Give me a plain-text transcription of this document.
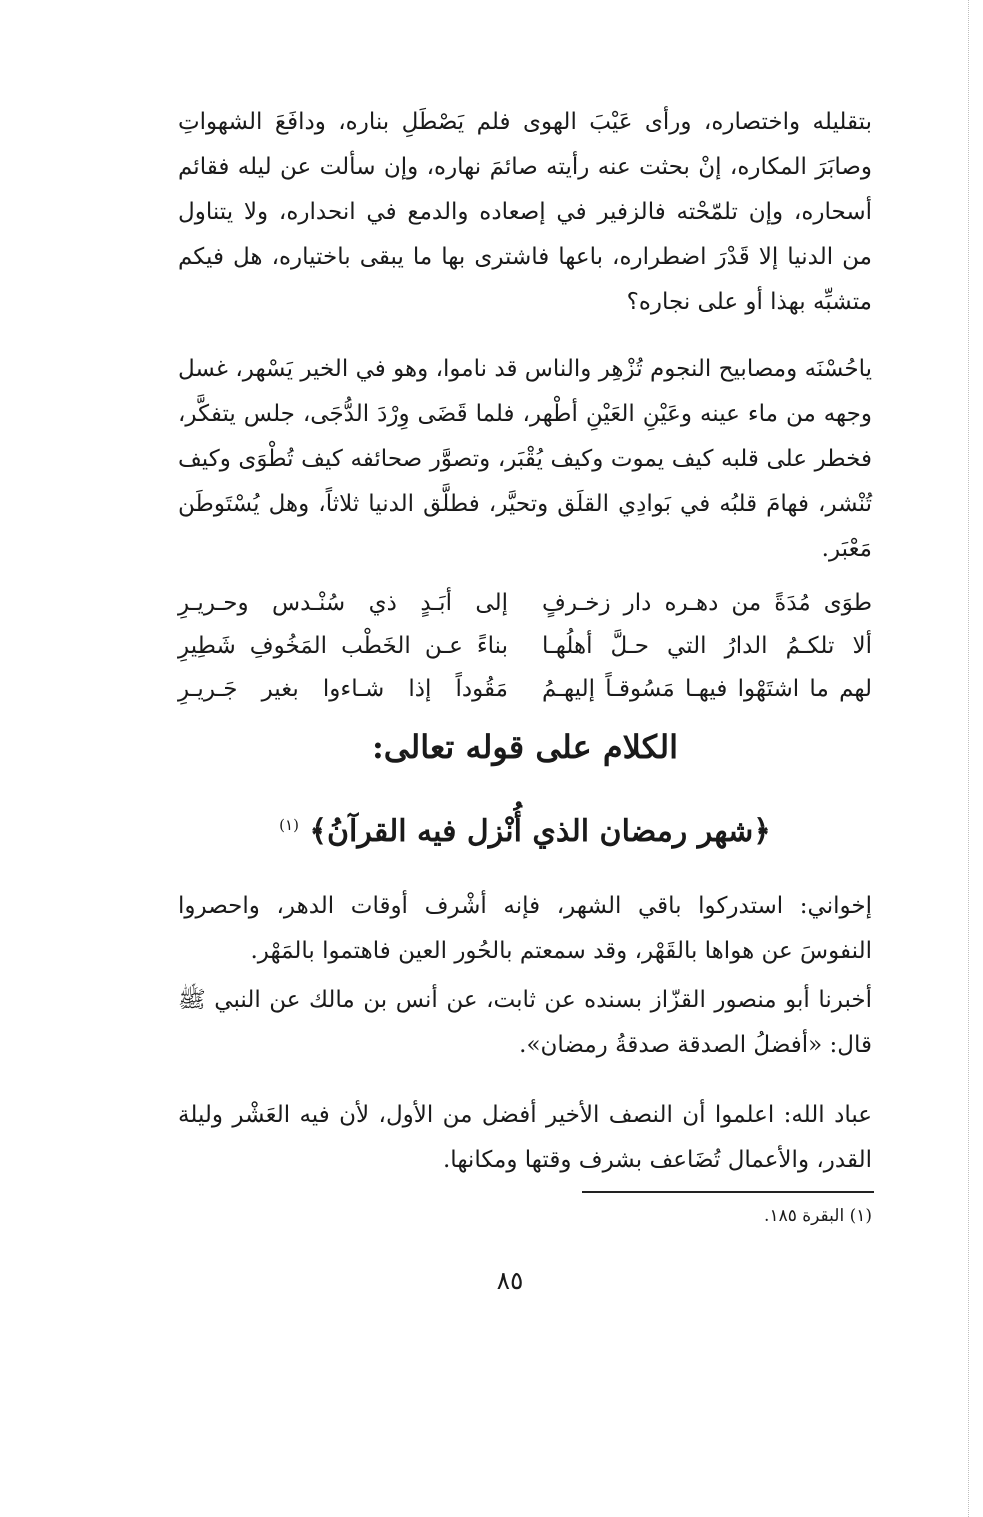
بتقليله واختصاره، ورأى عَيْبَ الهوى فلم يَصْطَلِ بناره، ودافَعَ الشهواتِ وصابَرَ المكاره، إنْ بحثت عنه رأيته صائمَ نهاره، وإن سألت عن ليله فقائم أسحاره، وإن تلمّحْته فالزفير في إصعاده والدمع في انحداره، ولا يتناول من الدنيا إلا قَدْرَ اضطراره، باعها فاشترى بها ما يبقى باختياره، هل فيكم متشبِّه بهذا أو على نجاره؟
ياحُسْنَه ومصابيح النجوم تُزْهِر والناس قد ناموا، وهو في الخير يَسْهر، غسل وجهه من ماء عينه وعَيْنِ العَيْنِ أطْهر، فلما قَضَى وِرْدَ الدُّجَى، جلس يتفكَّر، فخطر على قلبه كيف يموت وكيف يُقْبَر، وتصوَّر صحائفه كيف تُطْوَى وكيف تُنْشر، فهامَ قلبُه في بَوادِي القلَق وتحيَّر، فطلَّق الدنيا ثلاثاً، وهل يُسْتَوطَن مَعْبَر.
طوَى مُدَةً من دهـره دار زخـرفٍ
إلى أبَـدٍ ذي سُنْـدس وحـريـرِ
ألا تلكـمُ الدارُ التي حـلَّ أهلُهـا
بناءً عـن الخَطْب المَخُوفِ شَطِيرِ
لهم ما اشتَهْوا فيهـا مَسُوقـاً إليهـمُ
مَقُوداً إذا شـاءوا بغير جَـريـرِ
الكلام على قوله تعالى:
﴿شهر رمضان الذي أُنْزل فيه القرآنُ﴾ $^{(١)}$
إخواني: استدركوا باقي الشهر، فإنه أشْرف أوقات الدهر، واحصروا النفوسَ عن هواها بالقَهْر، وقد سمعتم بالحُور العين فاهتموا بالمَهْر.
أخبرنا أبو منصور القزّاز بسنده عن ثابت، عن أنس بن مالك عن النبي ﷺ قال: «أفضلُ الصدقة صدقةُ رمضان».
عباد الله: اعلموا أن النصف الأخير أفضل من الأول، لأن فيه العَشْر وليلة القدر، والأعمال تُضَاعف بشرف وقتها ومكانها.
(١) البقرة ١٨٥.
٨٥
